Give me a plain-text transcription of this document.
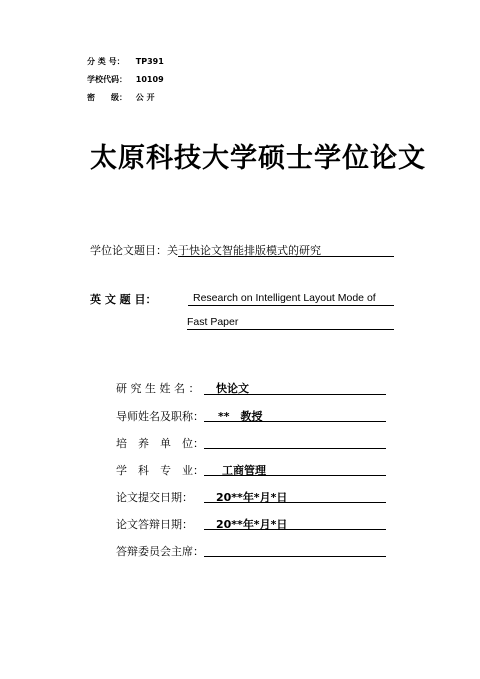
分 类 号： TP391
学校代码： 10109
密　　级： 公 开
太原科技大学硕士学位论文
学位论文题目：关于快论文智能排版模式的研究
英 文 题 目：	Research on Intelligent Layout Mode of
Fast Paper
研 究 生 姓 名 ： 快论文
导师姓名及职称： **　教授
培　养　单　位：
学　科　专　业： 工商管理
论文提交日期： 20**年*月*日
论文答辩日期： 20**年*月*日
答辩委员会主席：
